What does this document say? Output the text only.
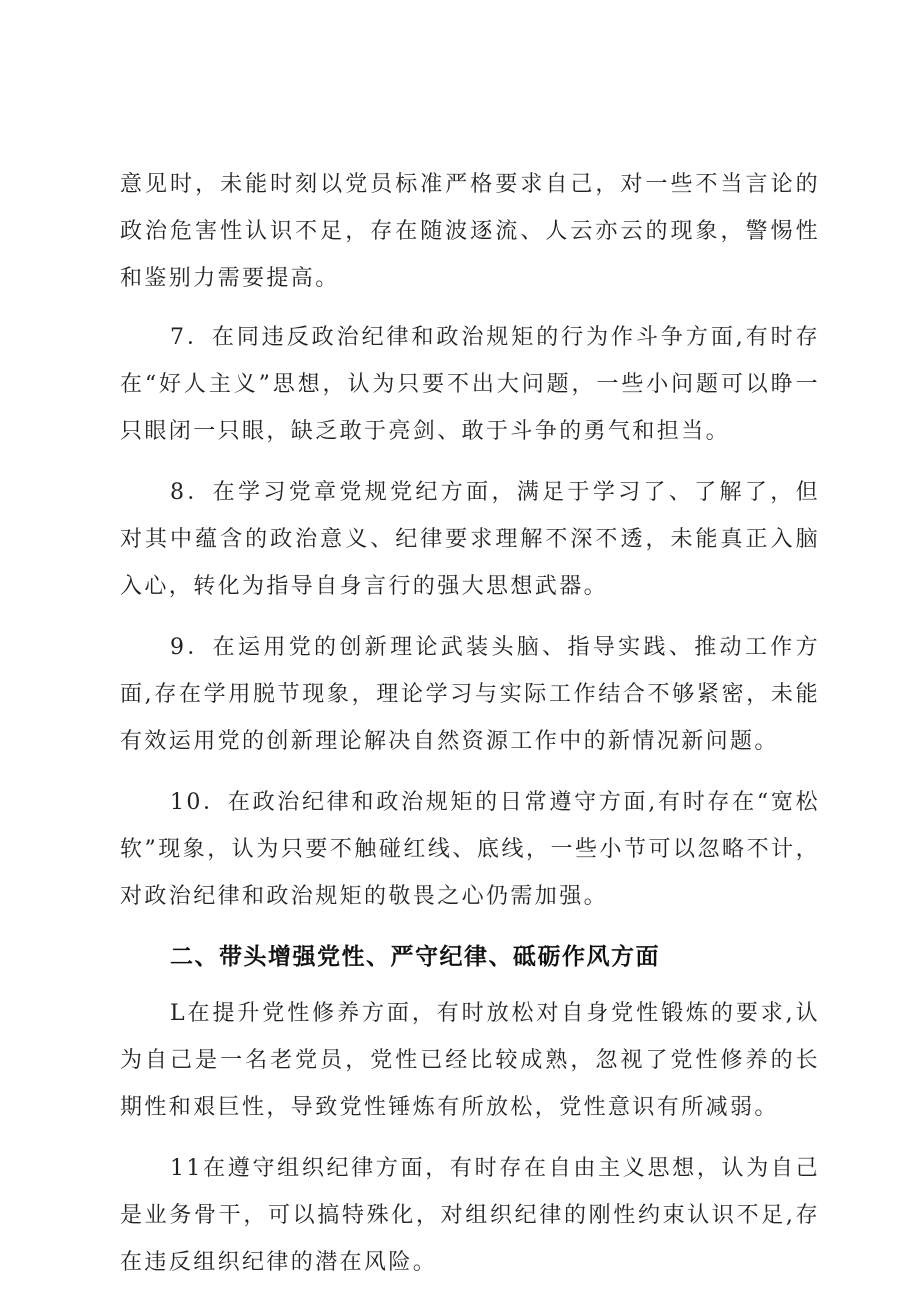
意见时，未能时刻以党员标准严格要求自己，对一些不当言论的政治危害性认识不足，存在随波逐流、人云亦云的现象，警惕性和鉴别力需要提高。

7．在同违反政治纪律和政治规矩的行为作斗争方面,有时存在“好人主义”思想，认为只要不出大问题，一些小问题可以睁一只眼闭一只眼，缺乏敢于亮剑、敢于斗争的勇气和担当。

8．在学习党章党规党纪方面，满足于学习了、了解了，但对其中蕴含的政治意义、纪律要求理解不深不透，未能真正入脑入心，转化为指导自身言行的强大思想武器。

9．在运用党的创新理论武装头脑、指导实践、推动工作方面,存在学用脱节现象，理论学习与实际工作结合不够紧密，未能有效运用党的创新理论解决自然资源工作中的新情况新问题。

10．在政治纪律和政治规矩的日常遵守方面,有时存在“宽松软”现象，认为只要不触碰红线、底线，一些小节可以忽略不计，对政治纪律和政治规矩的敬畏之心仍需加强。

二、带头增强党性、严守纪律、砥砺作风方面

L在提升党性修养方面，有时放松对自身党性锻炼的要求,认为自己是一名老党员，党性已经比较成熟，忽视了党性修养的长期性和艰巨性，导致党性锤炼有所放松，党性意识有所减弱。

11在遵守组织纪律方面，有时存在自由主义思想，认为自己是业务骨干，可以搞特殊化，对组织纪律的刚性约束认识不足,存在违反组织纪律的潜在风险。
